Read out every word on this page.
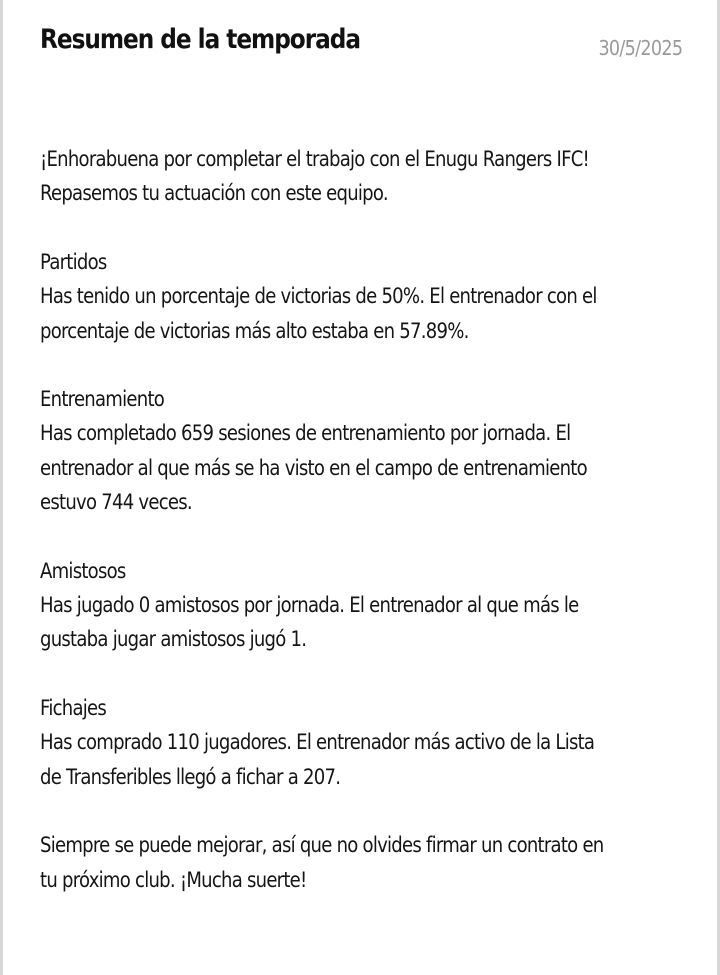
Resumen de la temporada	30/5/2025
¡Enhorabuena por completar el trabajo con el Enugu Rangers IFC!
Repasemos tu actuación con este equipo.
Partidos
Has tenido un porcentaje de victorias de 50%. El entrenador con el
porcentaje de victorias más alto estaba en 57.89%.
Entrenamiento
Has completado 659 sesiones de entrenamiento por jornada. El
entrenador al que más se ha visto en el campo de entrenamiento
estuvo 744 veces.
Amistosos
Has jugado 0 amistosos por jornada. El entrenador al que más le
gustaba jugar amistosos jugó 1.
Fichajes
Has comprado 110 jugadores. El entrenador más activo de la Lista
de Transferibles llegó a fichar a 207.
Siempre se puede mejorar, así que no olvides firmar un contrato en
tu próximo club. ¡Mucha suerte!
